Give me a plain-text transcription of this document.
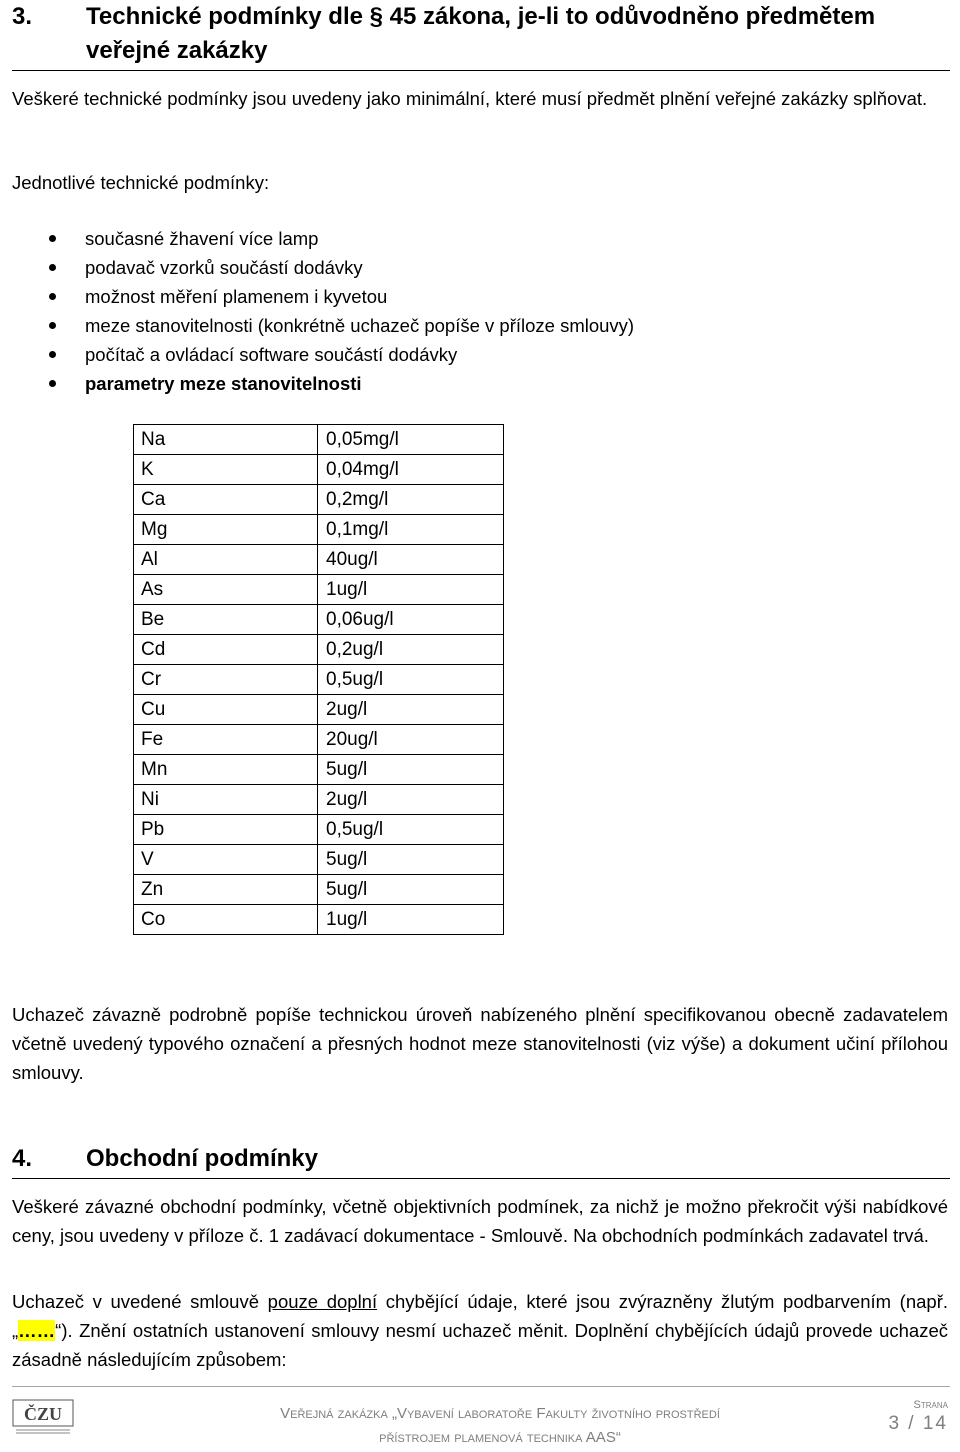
3. Technické podmínky dle § 45 zákona, je-li to odůvodněno předmětem
veřejné zakázky

Veškeré technické podmínky jsou uvedeny jako minimální, které musí předmět plnění veřejné zakázky splňovat.

Jednotlivé technické podmínky:

současné žhavení více lamp
podavač vzorků součástí dodávky
možnost měření plamenem i kyvetou
meze stanovitelnosti (konkrétně uchazeč popíše v příloze smlouvy)
počítač a ovládací software součástí dodávky
parametry meze stanovitelnosti
Na	0,05mg/l
K	0,04mg/l
Ca	0,2mg/l
Mg	0,1mg/l
Al	40ug/l
As	1ug/l
Be	0,06ug/l
Cd	0,2ug/l
Cr	0,5ug/l
Cu	2ug/l
Fe	20ug/l
Mn	5ug/l
Ni	2ug/l
Pb	0,5ug/l
V	5ug/l
Zn	5ug/l
Co	1ug/l

Uchazeč závazně podrobně popíše technickou úroveň nabízeného plnění specifikovanou obecně zadavatelem včetně uvedený typového označení a přesných hodnot meze stanovitelnosti (viz výše) a dokument učiní přílohou smlouvy.

4. Obchodní podmínky

Veškeré závazné obchodní podmínky, včetně objektivních podmínek, za nichž je možno překročit výši nabídkové ceny, jsou uvedeny v příloze č. 1 zadávací dokumentace - Smlouvě. Na obchodních podmínkách zadavatel trvá.

Uchazeč v uvedené smlouvě pouze doplní chybějící údaje, které jsou zvýrazněny žlutým podbarvením (např. „……“). Znění ostatních ustanovení smlouvy nesmí uchazeč měnit. Doplnění chybějících údajů provede uchazeč zásadně následujícím způsobem:

ČZU	Veřejná zakázka „Vybavení laboratoře Fakulty životního prostředí
přístrojem plamenová technika AAS“
Strana
3 / 14
